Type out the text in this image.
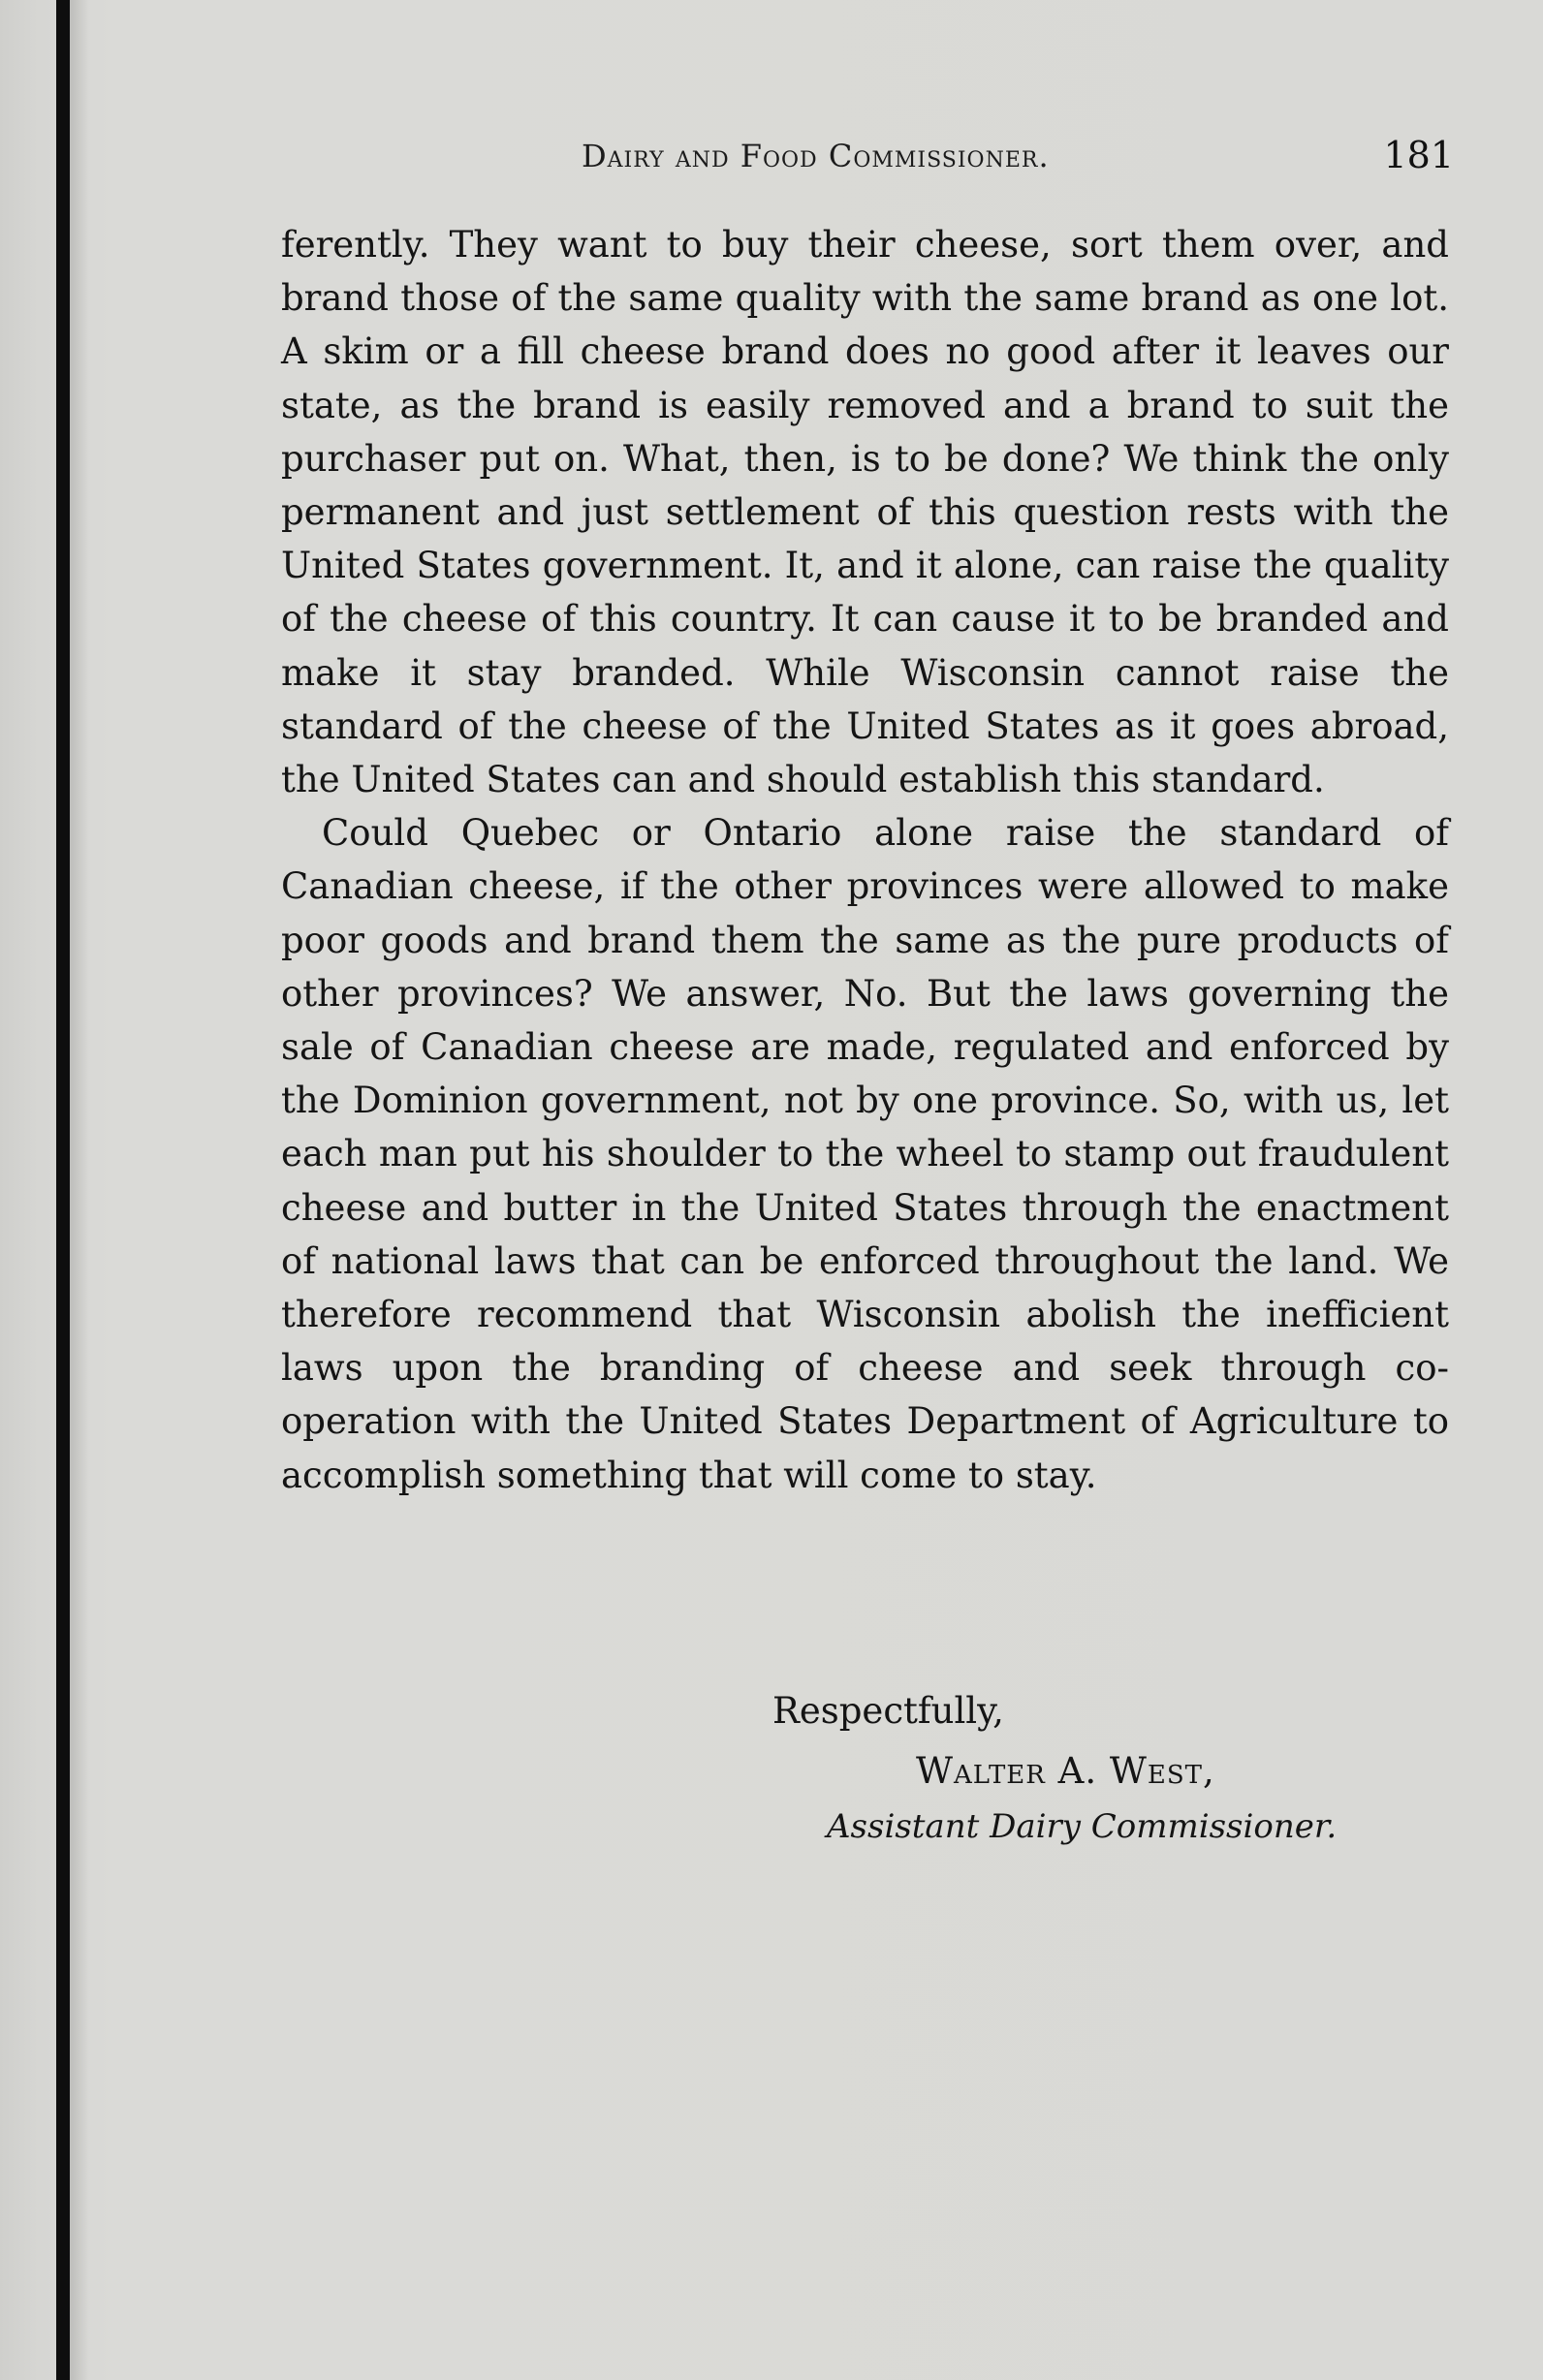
Dairy and Food Commissioner.	181

ferently. They want to buy their cheese, sort them over, and brand those of the same quality with the same brand as one lot. A skim or a fill cheese brand does no good after it leaves our state, as the brand is easily removed and a brand to suit the purchaser put on. What, then, is to be done? We think the only permanent and just settlement of this question rests with the United States government. It, and it alone, can raise the quality of the cheese of this country. It can cause it to be branded and make it stay branded. While Wisconsin cannot raise the standard of the cheese of the United States as it goes abroad, the United States can and should establish this standard.

Could Quebec or Ontario alone raise the standard of Canadian cheese, if the other provinces were allowed to make poor goods and brand them the same as the pure products of other provinces? We answer, No. But the laws governing the sale of Canadian cheese are made, regulated and enforced by the Dominion government, not by one province. So, with us, let each man put his shoulder to the wheel to stamp out fraudulent cheese and butter in the United States through the enactment of national laws that can be enforced throughout the land. We therefore recommend that Wisconsin abolish the inefficient laws upon the branding of cheese and seek through co-operation with the United States Department of Agriculture to accomplish something that will come to stay.

Respectfully,
Walter A. West,
Assistant Dairy Commissioner.
